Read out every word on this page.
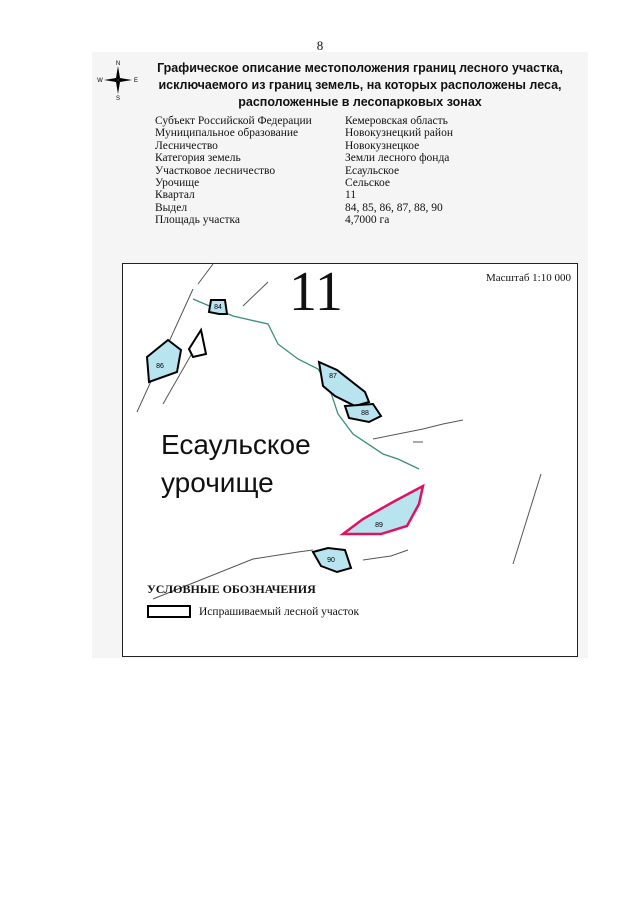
8
N
S
W	E
Графическое описание местоположения границ лесного участка,
исключаемого из границ земель, на которых расположены леса,
расположенные в лесопарковых зонах
Субъект Российской Федерации	Кемеровская область
Муниципальное образование	Новокузнецкий район
Лесничество	Новокузнецкое
Категория земель	Земли лесного фонда
Участковое лесничество	Есаульское
Урочище	Сельское
Квартал	11
Выдел	84, 85, 86, 87, 88, 90
Площадь участка	4,7000 га
84
86
87
88
89
90
11	Масштаб 1:10 000
Есаульское
урочище
УСЛОВНЫЕ ОБОЗНАЧЕНИЯ
Испрашиваемый лесной участок
